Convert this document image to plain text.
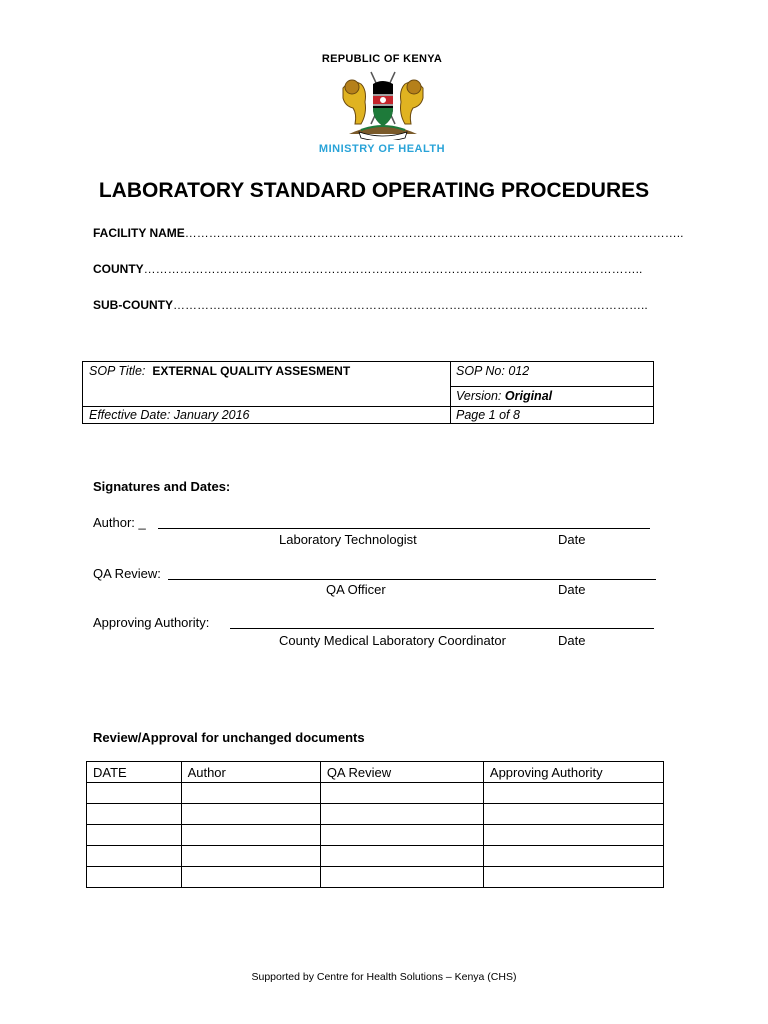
REPUBLIC OF KENYA
MINISTRY OF HEALTH
LABORATORY STANDARD OPERATING PROCEDURES
FACILITY NAME……………………………………………………………………………………………………………..
COUNTY……………………………………………………………………………………………………………..
SUB-COUNTY………………………………………………………………………………………………………..
SOP Title: EXTERNAL QUALITY ASSESMENT	SOP No: 012
Version: Original
Effective Date: January 2016	Page 1 of 8
Signatures and Dates:
Author: _
Laboratory Technologist	Date
QA Review:
QA Officer	Date
Approving Authority:
County Medical Laboratory Coordinator	Date
Review/Approval for unchanged documents
DATE	Author	QA Review	Approving Authority

Supported by Centre for Health Solutions – Kenya (CHS)
